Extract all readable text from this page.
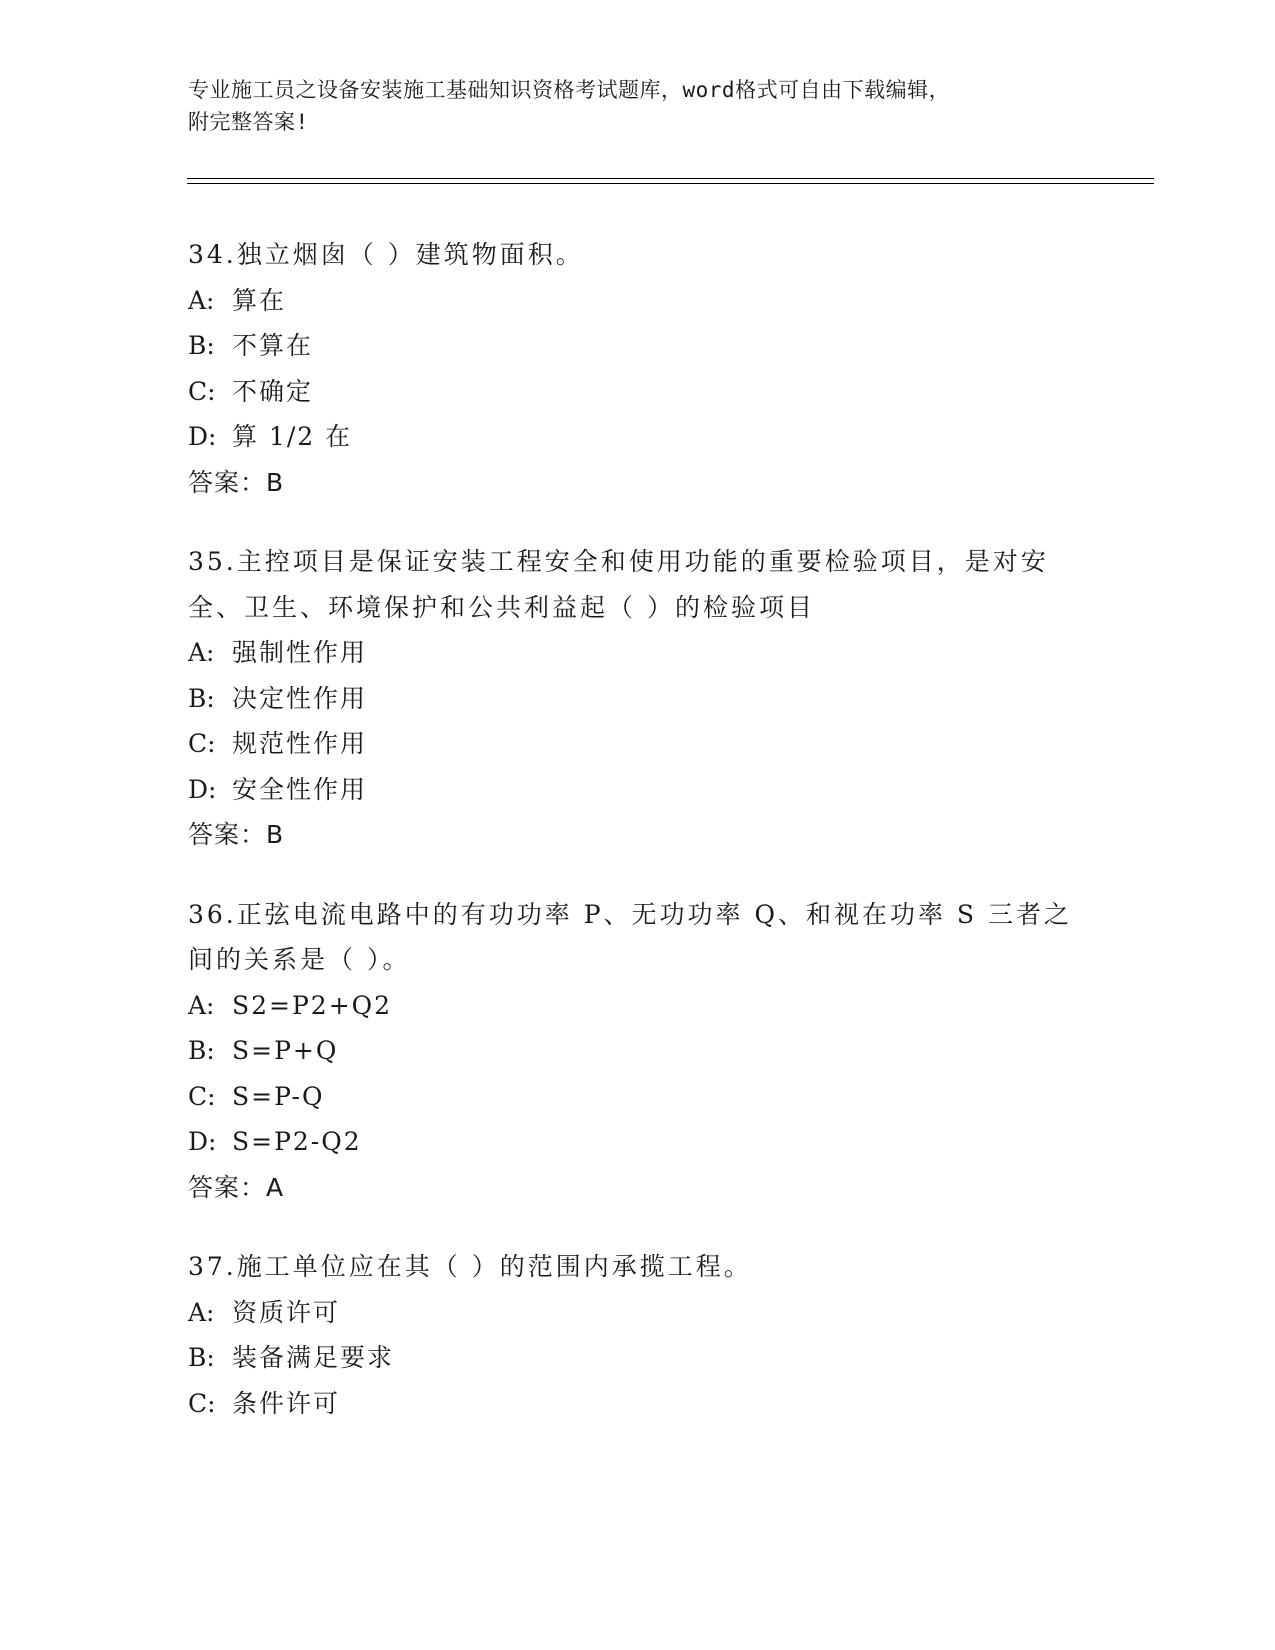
专业施工员之设备安装施工基础知识资格考试题库，word格式可自由下载编辑，
附完整答案!
34.独立烟囱（ ）建筑物面积。
A: 算在
B: 不算在
C: 不确定
D: 算 1/2 在
答案：B
35.主控项目是保证安装工程安全和使用功能的重要检验项目，是对安
全、卫生、环境保护和公共利益起（ ）的检验项目
A: 强制性作用
B: 决定性作用
C: 规范性作用
D: 安全性作用
答案：B
36.正弦电流电路中的有功功率 P、无功功率 Q、和视在功率 S 三者之
间的关系是（ ）。
A: S2=P2+Q2
B: S=P+Q
C: S=P-Q
D: S=P2-Q2
答案：A
37.施工单位应在其（ ）的范围内承揽工程。
A: 资质许可
B: 装备满足要求
C: 条件许可
